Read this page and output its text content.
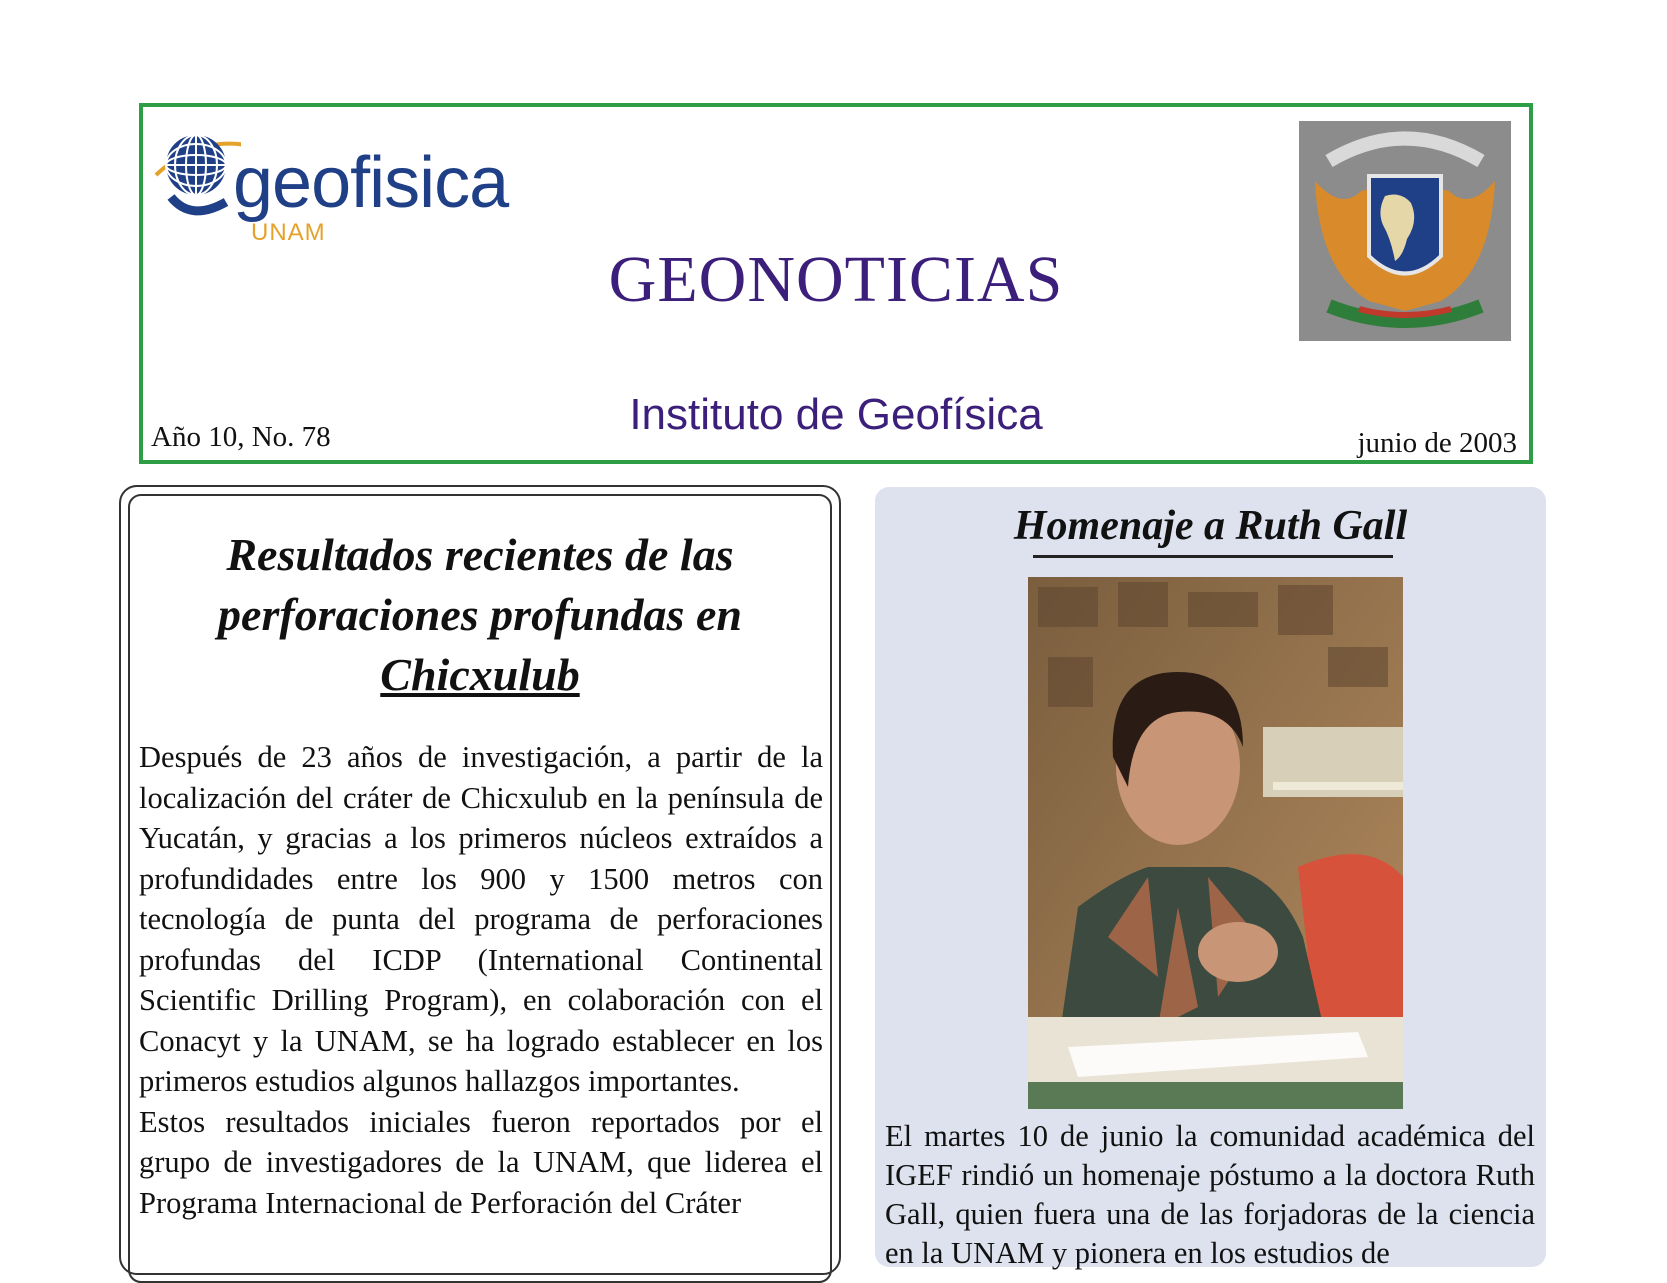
geofisica
UNAM
GEONOTICIAS
Instituto de Geofísica
Año 10, No. 78	junio de 2003
Resultados recientes de las
perforaciones profundas en
Chicxulub

Después de 23 años de investigación, a partir de la localización del cráter de Chicxulub en la península de Yucatán, y gracias a los primeros núcleos extraídos a profundidades entre los 900 y 1500 metros con tecnología de punta del programa de perforaciones profundas del ICDP (International Continental Scientific Drilling Program), en colaboración con el Conacyt y la UNAM, se ha logrado establecer en los primeros estudios algunos hallazgos importantes.

Estos resultados iniciales fueron reportados por el grupo de investigadores de la UNAM, que liderea el Programa Internacional de Perforación del Cráter

Homenaje a Ruth Gall

El martes 10 de junio la comunidad académica del IGEF rindió un homenaje póstumo a la doctora Ruth Gall, quien fuera una de las forjadoras de la ciencia en la UNAM y pionera en los estudios de
